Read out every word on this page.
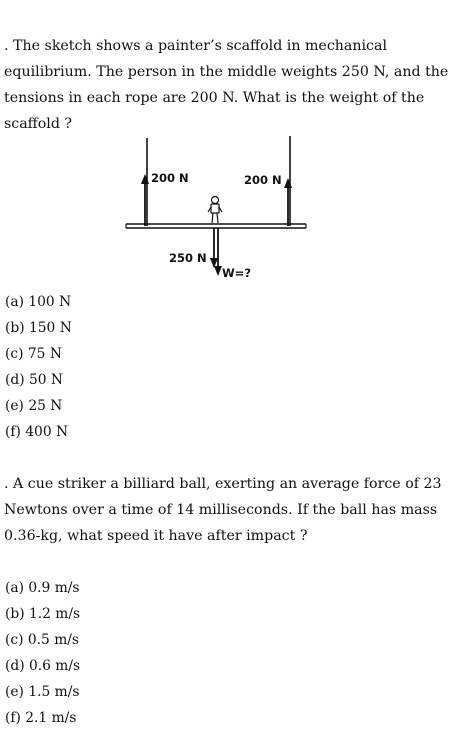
. The sketch shows a painter’s scaffold in mechanical equilibrium. The person in the middle weights 250 N, and the tensions in each rope are 200 N. What is the weight of the scaffold ?

200 N	200 N
250 N
W=?
(a) 100 N
(b) 150 N
(c) 75 N
(d) 50 N
(e) 25 N
(f) 400 N

. A cue striker a billiard ball, exerting an average force of 23 Newtons over a time of 14 milliseconds. If the ball has mass 0.36-kg, what speed it have after impact ?

(a) 0.9 m/s
(b) 1.2 m/s
(c) 0.5 m/s
(d) 0.6 m/s
(e) 1.5 m/s
(f) 2.1 m/s
